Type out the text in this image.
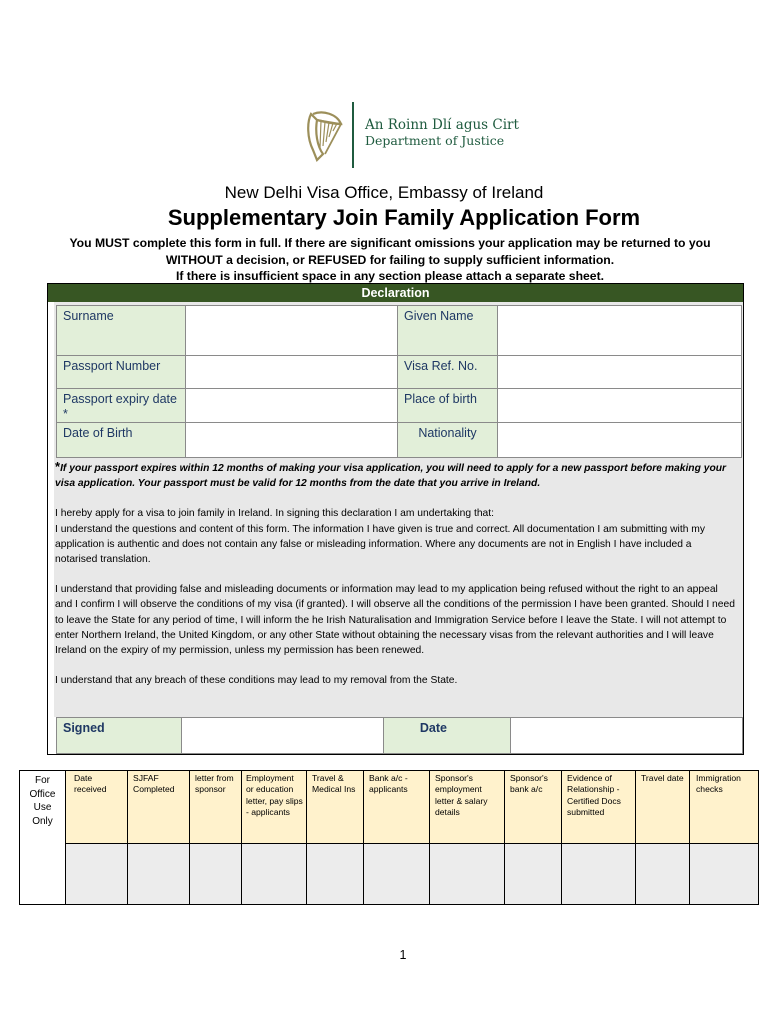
An Roinn Dlí agus Cirt
Department of Justice
New Delhi Visa Office, Embassy of Ireland
Supplementary Join Family Application Form
You MUST complete this form in full. If there are significant omissions your application may be returned to you
WITHOUT a decision, or REFUSED for failing to supply sufficient information.
If there is insufficient space in any section please attach a separate sheet.
Declaration
Surname		Given Name	
Passport Number		Visa Ref. No.	
Passport expiry date *		Place of birth	
Date of Birth		Nationality	
Signed		Date	

*If your passport expires within 12 months of making your visa application, you will need to apply for a new passport before making your visa application. Your passport must be valid for 12 months from the date that you arrive in Ireland.

I hereby apply for a visa to join family in Ireland. In signing this declaration I am undertaking that:

I understand the questions and content of this form. The information I have given is true and correct. All documentation I am submitting with my application is authentic and does not contain any false or misleading information. Where any documents are not in English I have included a notarised translation.

I understand that providing false and misleading documents or information may lead to my application being refused without the right to an appeal and I confirm I will observe the conditions of my visa (if granted). I will observe all the conditions of the permission I have been granted. Should I need to leave the State for any period of time, I will inform the he Irish Naturalisation and Immigration Service before I leave the State. I will not attempt to enter Northern Ireland, the United Kingdom, or any other State without obtaining the necessary visas from the relevant authorities and I will leave Ireland on the expiry of my permission, unless my permission has been renewed.

I understand that any breach of these conditions may lead to my removal from the State.

For Office Use Only	Date received	SJFAF Completed	letter from sponsor	Employment or education letter, pay slips - applicants	Travel & Medical Ins	Bank a/c - applicants	Sponsor's employment letter & salary details	Sponsor's bank a/c	Evidence of Relationship - Certified Docs submitted	Travel date	Immigration checks

1
